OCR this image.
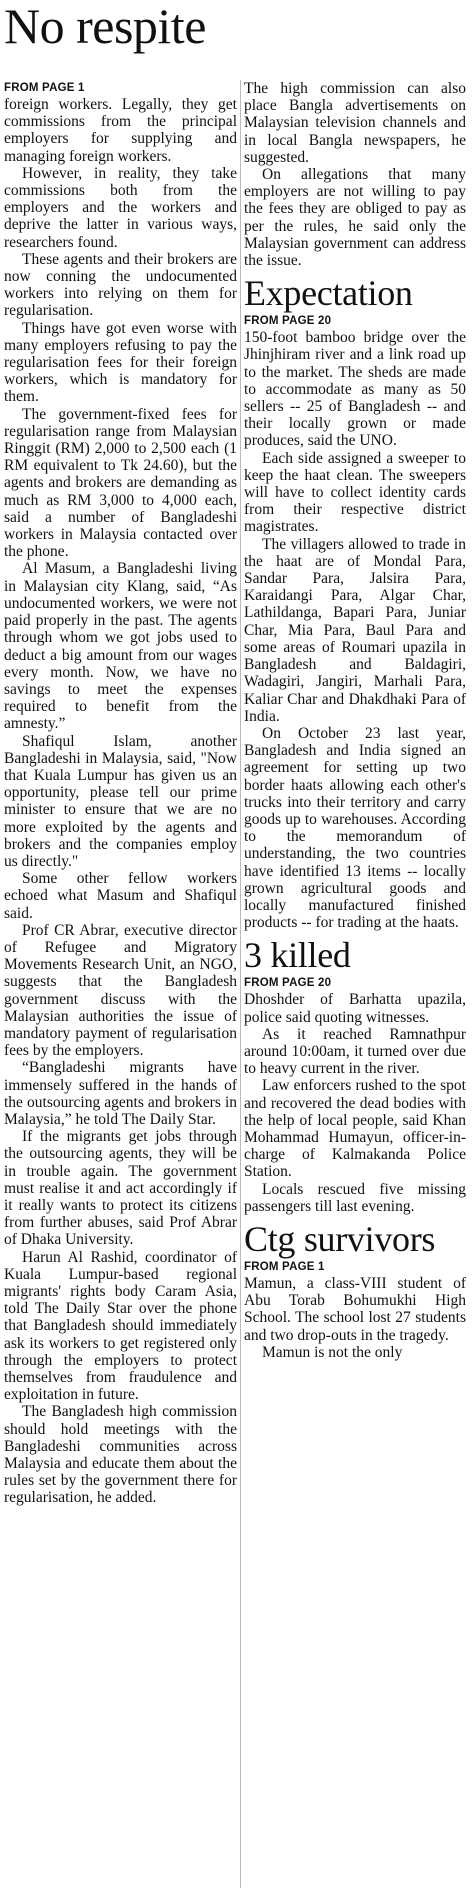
No respite
FROM PAGE 1

foreign workers. Legally, they get commissions from the principal employers for supplying and managing foreign workers.

However, in reality, they take commissions both from the employers and the workers and deprive the latter in various ways, researchers found.

These agents and their brokers are now conning the undocumented workers into relying on them for regularisation.

Things have got even worse with many employers refusing to pay the regularisation fees for their foreign workers, which is mandatory for them.

The government-fixed fees for regularisation range from Malaysian Ringgit (RM) 2,000 to 2,500 each (1 RM equivalent to Tk 24.60), but the agents and brokers are demanding as much as RM 3,000 to 4,000 each, said a number of Bangladeshi workers in Malaysia contacted over the phone.

Al Masum, a Bangladeshi living in Malaysian city Klang, said, “As undocumented workers, we were not paid properly in the past. The agents through whom we got jobs used to deduct a big amount from our wages every month. Now, we have no savings to meet the expenses required to benefit from the amnesty.”

Shafiqul Islam, another Bangladeshi in Malaysia, said, "Now that Kuala Lumpur has given us an opportunity, please tell our prime minister to ensure that we are no more exploited by the agents and brokers and the companies employ us directly."

Some other fellow workers echoed what Masum and Shafiqul said.

Prof CR Abrar, executive director of Refugee and Migratory Movements Research Unit, an NGO, suggests that the Bangladesh government discuss with the Malaysian authorities the issue of mandatory payment of regularisation fees by the employers.

“Bangladeshi migrants have immensely suffered in the hands of the outsourcing agents and brokers in Malaysia,” he told The Daily Star.

If the migrants get jobs through the outsourcing agents, they will be in trouble again. The government must realise it and act accordingly if it really wants to protect its citizens from further abuses, said Prof Abrar of Dhaka University.

Harun Al Rashid, coordinator of Kuala Lumpur-based regional migrants' rights body Caram Asia, told The Daily Star over the phone that Bangladesh should immediately ask its workers to get registered only through the employers to protect themselves from fraudulence and exploitation in future.

The Bangladesh high commission should hold meetings with the Bangladeshi communities across Malaysia and educate them about the rules set by the government there for regularisation, he added.

The high commission can also place Bangla advertisements on Malaysian television channels and in local Bangla newspapers, he suggested.

On allegations that many employers are not willing to pay the fees they are obliged to pay as per the rules, he said only the Malaysian government can address the issue.

Expectation
FROM PAGE 20

150-foot bamboo bridge over the Jhinjhiram river and a link road up to the market. The sheds are made to accommodate as many as 50 sellers -- 25 of Bangladesh -- and their locally grown or made produces, said the UNO.

Each side assigned a sweeper to keep the haat clean. The sweepers will have to collect identity cards from their respective district magistrates.

The villagers allowed to trade in the haat are of Mondal Para, Sandar Para, Jalsira Para, Karaidangi Para, Algar Char, Lathildanga, Bapari Para, Juniar Char, Mia Para, Baul Para and some areas of Roumari upazila in Bangladesh and Baldagiri, Wadagiri, Jangiri, Marhali Para, Kaliar Char and Dhakdhaki Para of India.

On October 23 last year, Bangladesh and India signed an agreement for setting up two border haats allowing each other's trucks into their territory and carry goods up to warehouses. According to the memorandum of understanding, the two countries have identified 13 items -- locally grown agricultural goods and locally manufactured finished products -- for trading at the haats.

3 killed
FROM PAGE 20

Dhoshder of Barhatta upazila, police said quoting witnesses.

As it reached Ramnathpur around 10:00am, it turned over due to heavy current in the river.

Law enforcers rushed to the spot and recovered the dead bodies with the help of local people, said Khan Mohammad Humayun, officer-in-charge of Kalmakanda Police Station.

Locals rescued five missing passengers till last evening.

Ctg survivors
FROM PAGE 1

Mamun, a class-VIII student of Abu Torab Bohumukhi High School. The school lost 27 students and two drop-outs in the tragedy.

Mamun is not the only
